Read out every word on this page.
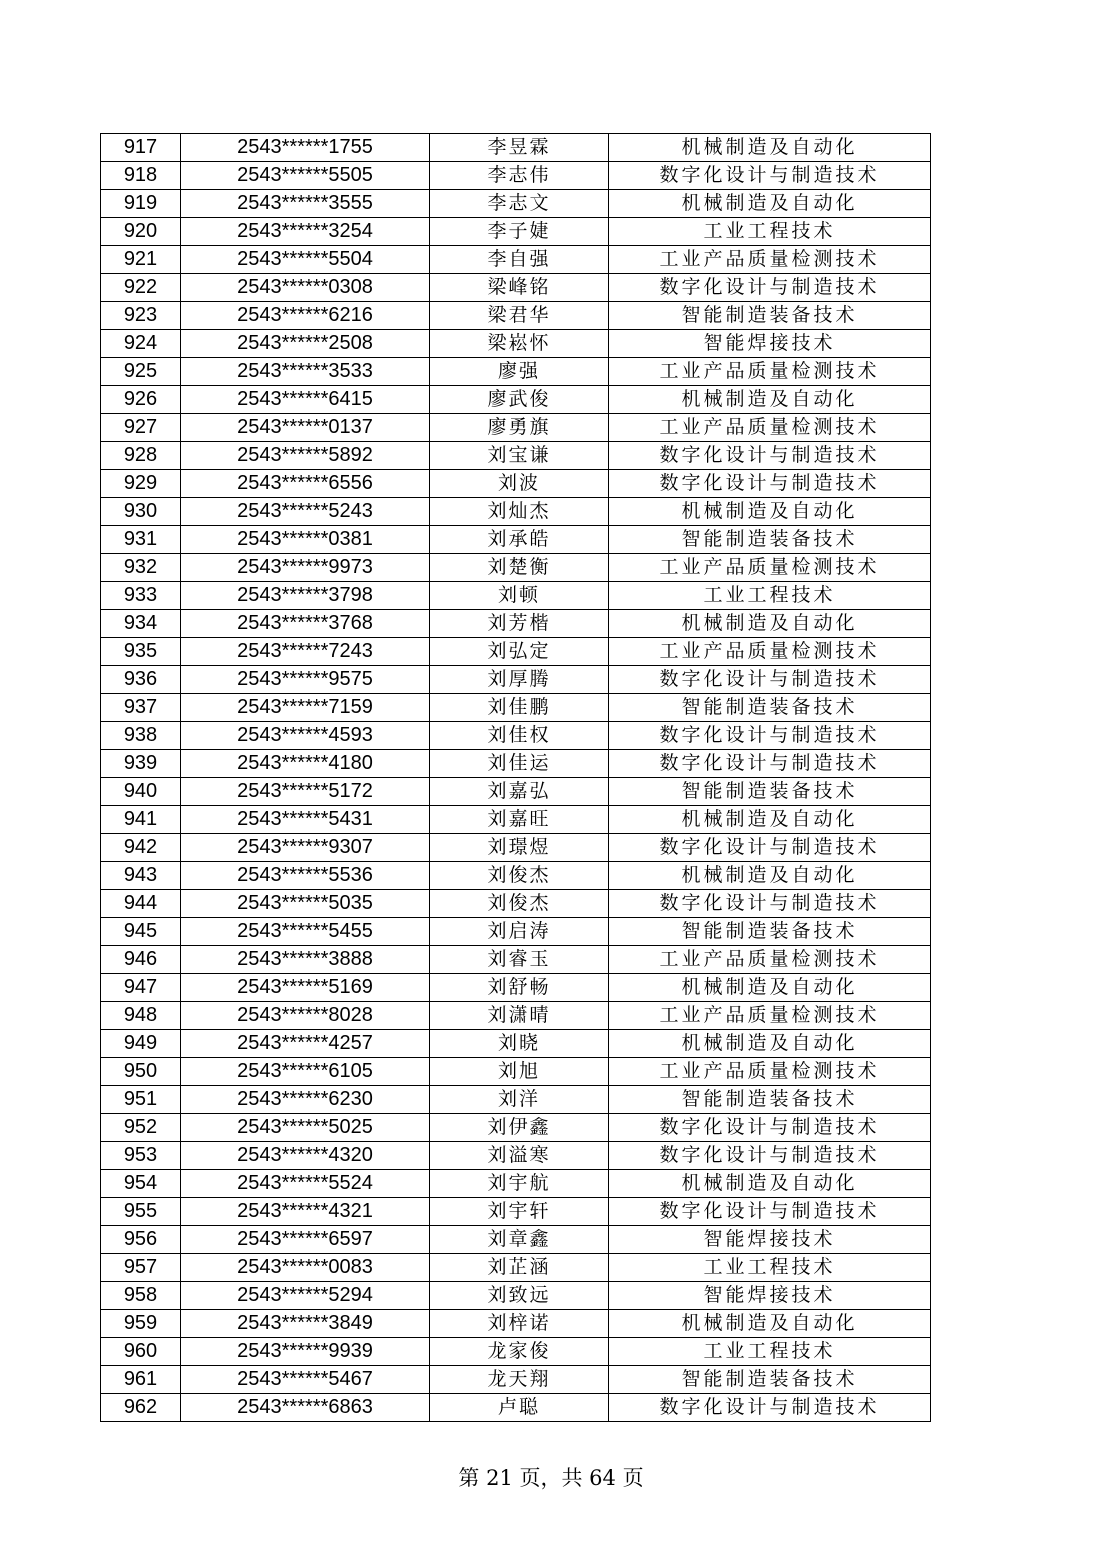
917	2543******1755	李昱霖	机械制造及自动化
918	2543******5505	李志伟	数字化设计与制造技术
919	2543******3555	李志文	机械制造及自动化
920	2543******3254	李子婕	工业工程技术
921	2543******5504	李自强	工业产品质量检测技术
922	2543******0308	梁峰铭	数字化设计与制造技术
923	2543******6216	梁君华	智能制造装备技术
924	2543******2508	梁崧怀	智能焊接技术
925	2543******3533	廖强	工业产品质量检测技术
926	2543******6415	廖武俊	机械制造及自动化
927	2543******0137	廖勇旗	工业产品质量检测技术
928	2543******5892	刘宝谦	数字化设计与制造技术
929	2543******6556	刘波	数字化设计与制造技术
930	2543******5243	刘灿杰	机械制造及自动化
931	2543******0381	刘承皓	智能制造装备技术
932	2543******9973	刘楚衡	工业产品质量检测技术
933	2543******3798	刘顿	工业工程技术
934	2543******3768	刘芳楷	机械制造及自动化
935	2543******7243	刘弘定	工业产品质量检测技术
936	2543******9575	刘厚腾	数字化设计与制造技术
937	2543******7159	刘佳鹏	智能制造装备技术
938	2543******4593	刘佳权	数字化设计与制造技术
939	2543******4180	刘佳运	数字化设计与制造技术
940	2543******5172	刘嘉弘	智能制造装备技术
941	2543******5431	刘嘉旺	机械制造及自动化
942	2543******9307	刘璟煜	数字化设计与制造技术
943	2543******5536	刘俊杰	机械制造及自动化
944	2543******5035	刘俊杰	数字化设计与制造技术
945	2543******5455	刘启涛	智能制造装备技术
946	2543******3888	刘睿玉	工业产品质量检测技术
947	2543******5169	刘舒畅	机械制造及自动化
948	2543******8028	刘潇晴	工业产品质量检测技术
949	2543******4257	刘晓	机械制造及自动化
950	2543******6105	刘旭	工业产品质量检测技术
951	2543******6230	刘洋	智能制造装备技术
952	2543******5025	刘伊鑫	数字化设计与制造技术
953	2543******4320	刘溢寒	数字化设计与制造技术
954	2543******5524	刘宇航	机械制造及自动化
955	2543******4321	刘宇轩	数字化设计与制造技术
956	2543******6597	刘章鑫	智能焊接技术
957	2543******0083	刘芷涵	工业工程技术
958	2543******5294	刘致远	智能焊接技术
959	2543******3849	刘梓诺	机械制造及自动化
960	2543******9939	龙家俊	工业工程技术
961	2543******5467	龙天翔	智能制造装备技术
962	2543******6863	卢聪	数字化设计与制造技术
第 21 页，共 64 页
